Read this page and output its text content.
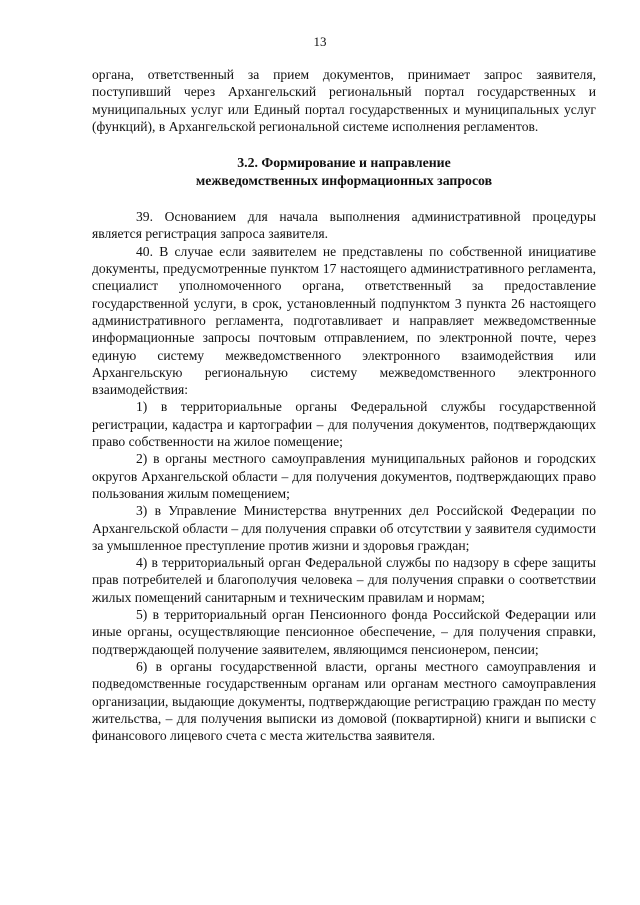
13

органа, ответственный за прием документов, принимает запрос заявителя, поступивший через Архангельский региональный портал государственных и муниципальных услуг или Единый портал государственных и муниципальных услуг (функций), в Архангельской региональной системе исполнения регламентов.

3.2. Формирование и направление
межведомственных информационных запросов

39. Основанием для начала выполнения административной процедуры является регистрация запроса заявителя.

40. В случае если заявителем не представлены по собственной инициативе документы, предусмотренные пунктом 17 настоящего административного регламента, специалист уполномоченного органа, ответственный за предоставление государственной услуги, в срок, установленный подпунктом 3 пункта 26 настоящего административного регламента, подготавливает и направляет межведомственные информационные запросы почтовым отправлением, по электронной почте, через единую систему межведомственного электронного взаимодействия или Архангельскую региональную систему межведомственного электронного взаимодействия:

1) в территориальные органы Федеральной службы государственной регистрации, кадастра и картографии – для получения документов, подтверждающих право собственности на жилое помещение;

2) в органы местного самоуправления муниципальных районов и городских округов Архангельской области – для получения документов, подтверждающих право пользования жилым помещением;

3) в Управление Министерства внутренних дел Российской Федерации по Архангельской области – для получения справки об отсутствии у заявителя судимости за умышленное преступление против жизни и здоровья граждан;

4) в территориальный орган Федеральной службы по надзору в сфере защиты прав потребителей и благополучия человека – для получения справки о соответствии жилых помещений санитарным и техническим правилам и нормам;

5) в территориальный орган Пенсионного фонда Российской Федерации или иные органы, осуществляющие пенсионное обеспечение, – для получения справки, подтверждающей получение заявителем, являющимся пенсионером, пенсии;

6) в органы государственной власти, органы местного самоуправления и подведомственные государственным органам или органам местного самоуправления организации, выдающие документы, подтверждающие регистрацию граждан по месту жительства, – для получения выписки из домовой (поквартирной) книги и выписки с финансового лицевого счета с места жительства заявителя.
